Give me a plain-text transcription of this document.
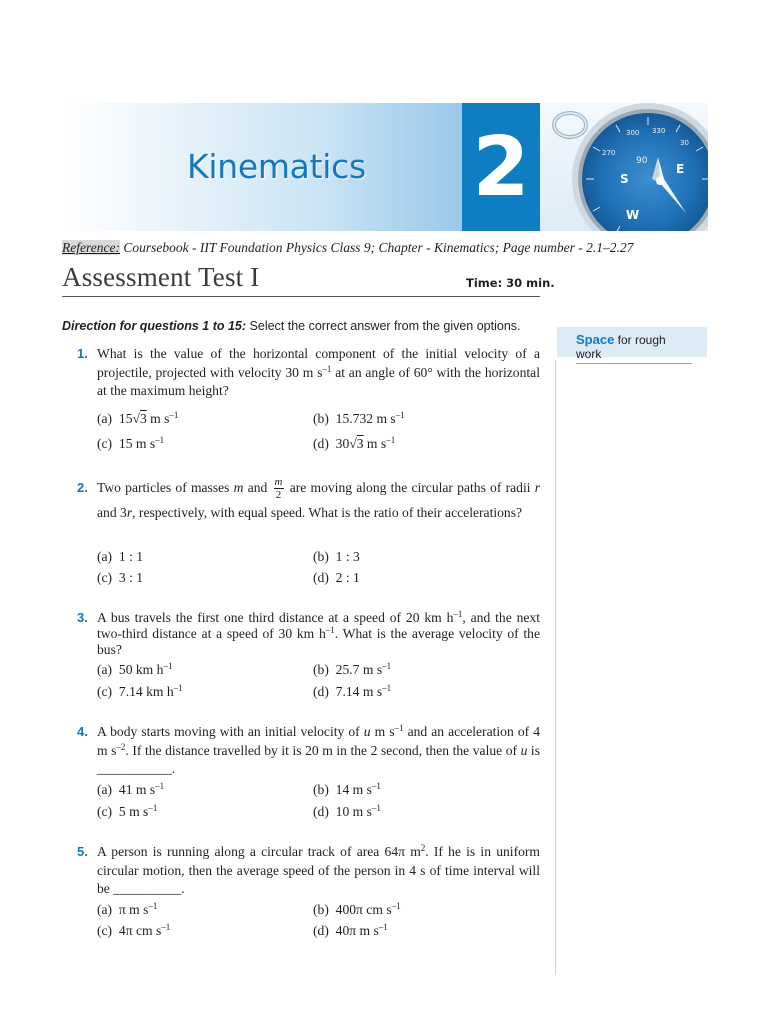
Kinematics 2	300 330
270
30
90
S
E
W
Reference: Coursebook - IIT Foundation Physics Class 9; Chapter - Kinematics; Page number - 2.1–2.27
Assessment Test I	Time: 30 min.
Direction for questions 1 to 15: Select the correct answer from the given options.
Space for rough work
1. What is the value of the horizontal component of the initial velocity of a projectile, projected with velocity 30 m $s^{-1}$ at an angle of 60° with the horizontal at the maximum height?
(a) 15√3 m $s^{-1}$	(b) 15.732 m $s^{-1}$
(c) 15 m $s^{-1}$	(d) 30√3 m $s^{-1}$
2. Two particles of masses m and $\frac{m}{2}$ are moving along the circular paths of radii r and 3r, respectively, with equal speed. What is the ratio of their accelerations?
(a) 1 : 1	(b) 1 : 3
(c) 3 : 1	(d) 2 : 1
3. A bus travels the first one third distance at a speed of 20 km $h^{-1}$, and the next two-third distance at a speed of 30 km $h^{-1}$. What is the average velocity of the bus?
(a) 50 km $h^{-1}$	(b) 25.7 m $s^{-1}$
(c) 7.14 km $h^{-1}$	(d) 7.14 m $s^{-1}$
4. A body starts moving with an initial velocity of u m $s^{-1}$ and an acceleration of 4 m $s^{-2}$. If the distance travelled by it is 20 m in the 2 second, then the value of u is ___________.
(a) 41 m $s^{-1}$	(b) 14 m $s^{-1}$
(c) 5 m $s^{-1}$	(d) 10 m $s^{-1}$
5. A person is running along a circular track of area 64π $m^2$. If he is in uniform circular motion, then the average speed of the person in 4 s of time interval will be __________.
(a) π m $s^{-1}$	(b) 400π cm $s^{-1}$
(c) 4π cm $s^{-1}$	(d) 40π m $s^{-1}$
